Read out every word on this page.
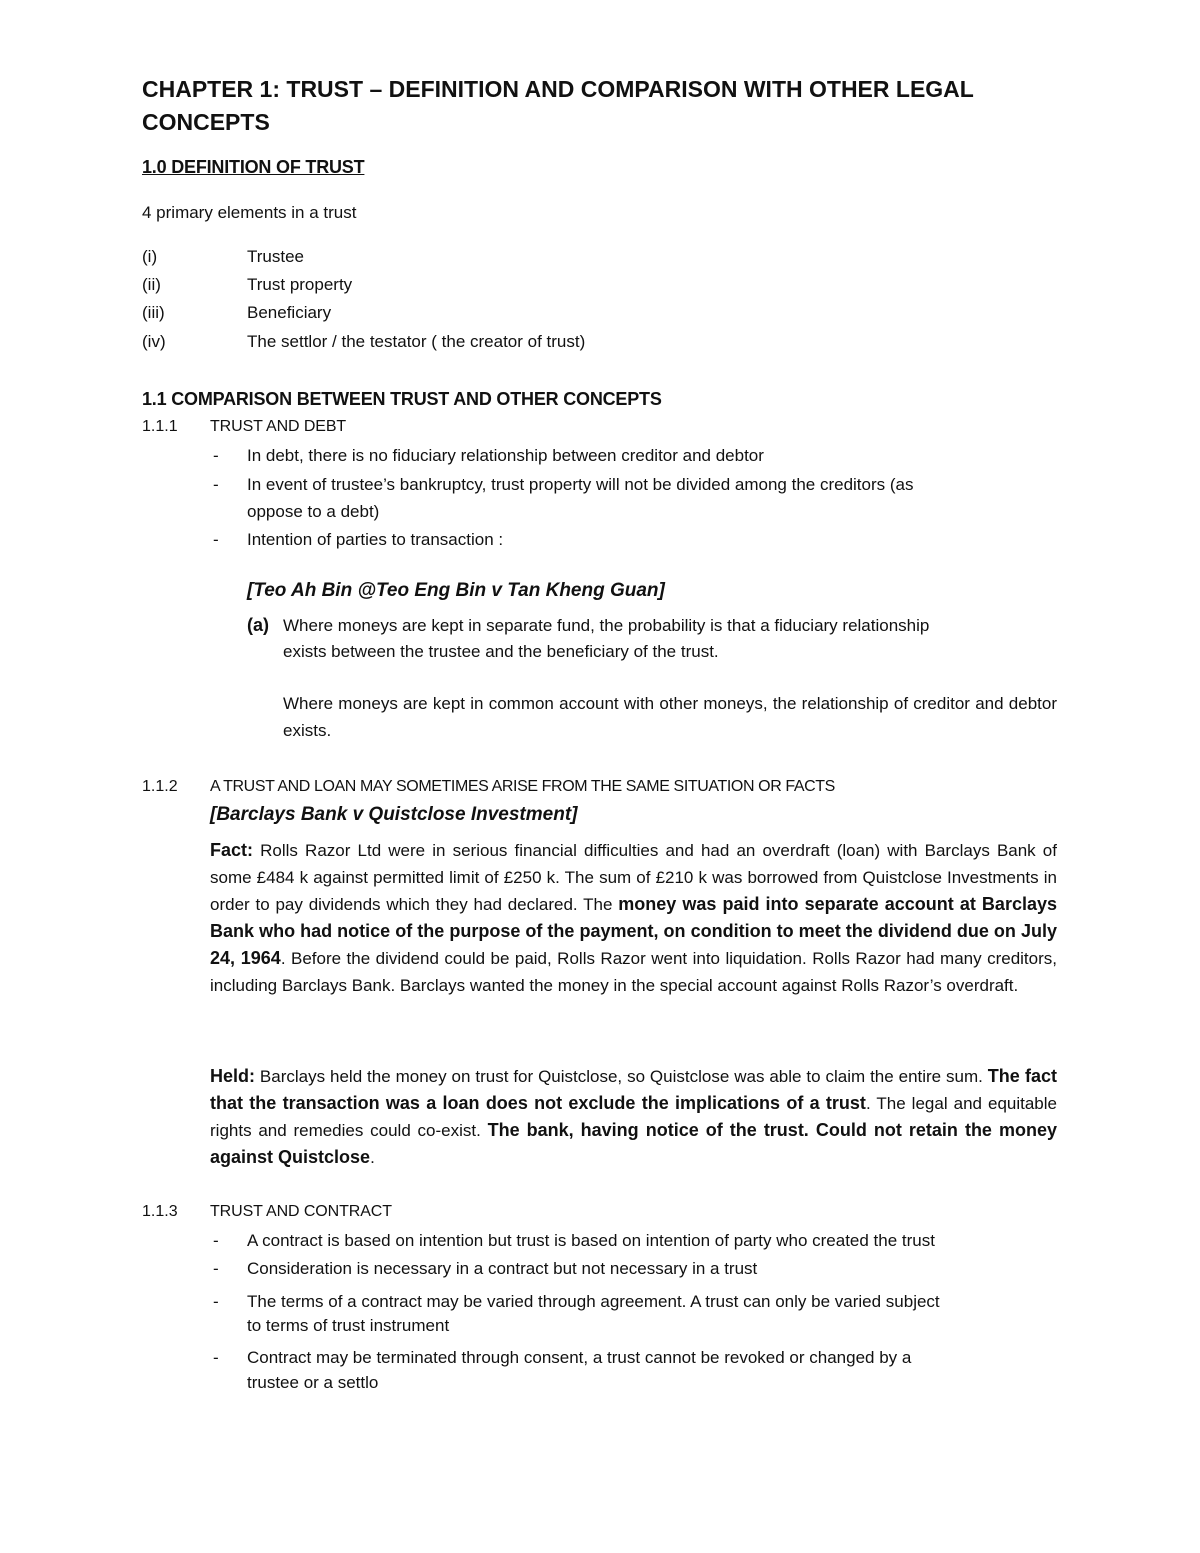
CHAPTER 1: TRUST – DEFINITION AND COMPARISON WITH OTHER LEGAL
CONCEPTS
1.0 DEFINITION OF TRUST
4 primary elements in a trust
(i)	Trustee
(ii)	Trust property
(iii)	Beneficiary
(iv)	The settlor / the testator ( the creator of trust)
1.1 COMPARISON BETWEEN TRUST AND OTHER CONCEPTS
1.1.1 TRUST AND DEBT
- In debt, there is no fiduciary relationship between creditor and debtor
- In event of trustee’s bankruptcy, trust property will not be divided among the creditors (as
oppose to a debt)
- Intention of parties to transaction :
[Teo Ah Bin @Teo Eng Bin v Tan Kheng Guan]
(a) Where moneys are kept in separate fund, the probability is that a fiduciary relationship
exists between the trustee and the beneficiary of the trust.
Where moneys are kept in common account with other moneys, the relationship of creditor and debtor exists.
1.1.2 A TRUST AND LOAN MAY SOMETIMES ARISE FROM THE SAME SITUATION OR FACTS
[Barclays Bank v Quistclose Investment]
Fact: Rolls Razor Ltd were in serious financial difficulties and had an overdraft (loan) with Barclays Bank of some £484 k against permitted limit of £250 k. The sum of £210 k was borrowed from Quistclose Investments in order to pay dividends which they had declared. The money was paid into separate account at Barclays Bank who had notice of the purpose of the payment, on condition to meet the dividend due on July 24, 1964. Before the dividend could be paid, Rolls Razor went into liquidation. Rolls Razor had many creditors, including Barclays Bank. Barclays wanted the money in the special account against Rolls Razor’s overdraft.
Held: Barclays held the money on trust for Quistclose, so Quistclose was able to claim the entire sum. The fact that the transaction was a loan does not exclude the implications of a trust. The legal and equitable rights and remedies could co-exist. The bank, having notice of the trust. Could not retain the money against Quistclose.
1.1.3 TRUST AND CONTRACT
- A contract is based on intention but trust is based on intention of party who created the trust
- Consideration is necessary in a contract but not necessary in a trust
- The terms of a contract may be varied through agreement. A trust can only be varied subject
to terms of trust instrument
- Contract may be terminated through consent, a trust cannot be revoked or changed by a
trustee or a settlo
